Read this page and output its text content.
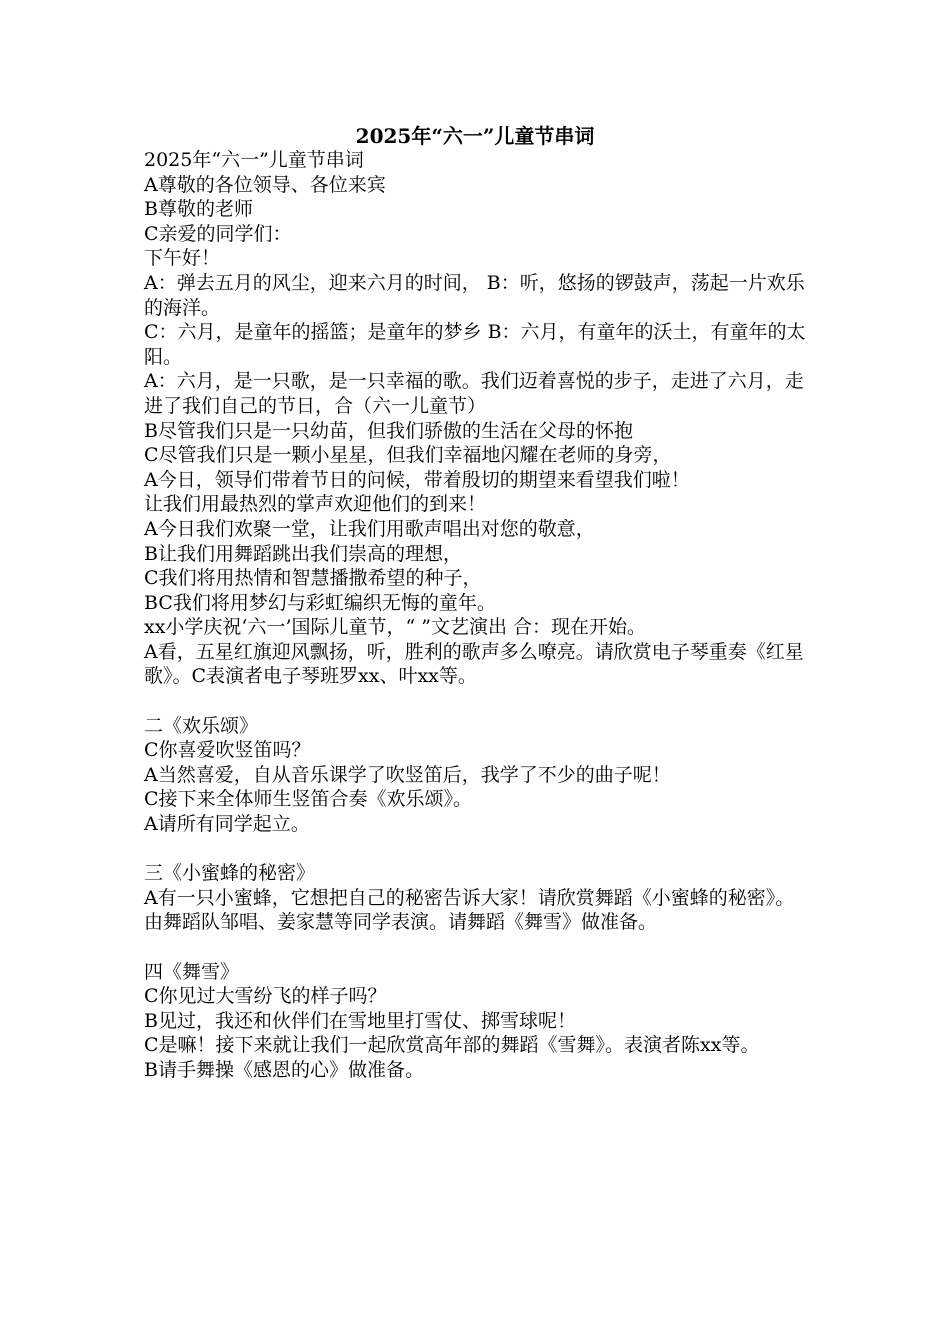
2025年“六一”儿童节串词

2025年“六一”儿童节串词

A尊敬的各位领导、各位来宾

B尊敬的老师

C亲爱的同学们：

下午好！

A：弹去五月的风尘，迎来六月的时间， B：听，悠扬的锣鼓声，荡起一片欢乐的海洋。

C：六月，是童年的摇篮；是童年的梦乡 B：六月，有童年的沃土，有童年的太阳。

A：六月，是一只歌，是一只幸福的歌。我们迈着喜悦的步子，走进了六月，走进了我们自己的节日，合（六一儿童节）

B尽管我们只是一只幼苗，但我们骄傲的生活在父母的怀抱

C尽管我们只是一颗小星星，但我们幸福地闪耀在老师的身旁，

A今日，领导们带着节日的问候，带着殷切的期望来看望我们啦！

让我们用最热烈的掌声欢迎他们的到来！

A今日我们欢聚一堂，让我们用歌声唱出对您的敬意，

B让我们用舞蹈跳出我们崇高的理想，

C我们将用热情和智慧播撒希望的种子，

BC我们将用梦幻与彩虹编织无悔的童年。

xx小学庆祝‘六一’国际儿童节，“ ”文艺演出 合：现在开始。

A看，五星红旗迎风飘扬，听，胜利的歌声多么嘹亮。请欣赏电子琴重奏《红星歌》。C表演者电子琴班罗xx、叶xx等。

二《欢乐颂》

C你喜爱吹竖笛吗？

A当然喜爱，自从音乐课学了吹竖笛后，我学了不少的曲子呢！

C接下来全体师生竖笛合奏《欢乐颂》。

A请所有同学起立。

三《小蜜蜂的秘密》

A有一只小蜜蜂，它想把自己的秘密告诉大家！请欣赏舞蹈《小蜜蜂的秘密》。由舞蹈队邹唱、姜家慧等同学表演。请舞蹈《舞雪》做准备。

四《舞雪》

C你见过大雪纷飞的样子吗？

B见过，我还和伙伴们在雪地里打雪仗、掷雪球呢！

C是嘛！接下来就让我们一起欣赏高年部的舞蹈《雪舞》。表演者陈xx等。

B请手舞操《感恩的心》做准备。
